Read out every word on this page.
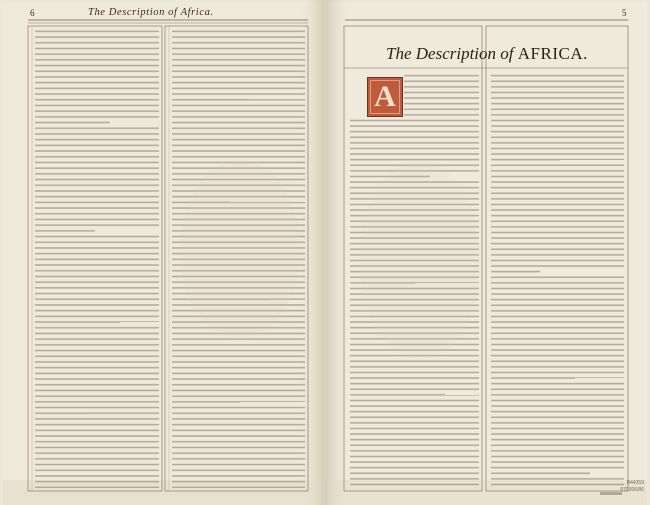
6	The Description of Africa.	5
The Description of AFRICA.
A
B44359
970306/86
